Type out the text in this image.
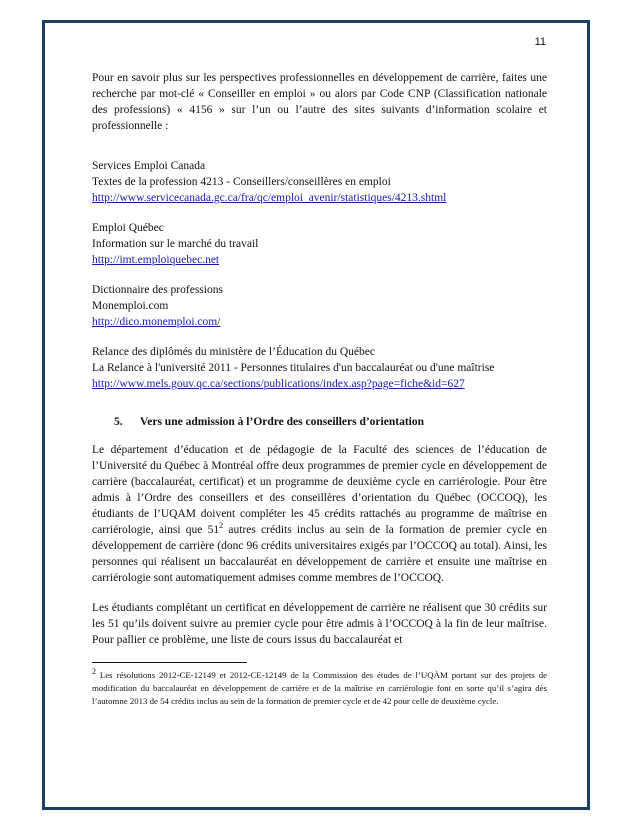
11

Pour en savoir plus sur les perspectives professionnelles en développement de carrière, faites une recherche par mot-clé « Conseiller en emploi » ou alors par Code CNP (Classification nationale des professions) « 4156 » sur l’un ou l’autre des sites suivants d’information scolaire et professionnelle :

Services Emploi Canada
Textes de la profession 4213 - Conseillers/conseillères en emploi
http://www.servicecanada.gc.ca/fra/qc/emploi_avenir/statistiques/4213.shtml
Emploi Québec
Information sur le marché du travail
http://imt.emploiquebec.net
Dictionnaire des professions
Monemploi.com
http://dico.monemploi.com/
Relance des diplômés du ministère de l’Éducation du Québec
La Relance à l'université 2011 - Personnes titulaires d'un baccalauréat ou d'une maîtrise
http://www.mels.gouv.qc.ca/sections/publications/index.asp?page=fiche&id=627
5. Vers une admission à l’Ordre des conseillers d’orientation

Le département d’éducation et de pédagogie de la Faculté des sciences de l’éducation de l’Université du Québec à Montréal offre deux programmes de premier cycle en développement de carrière (baccalauréat, certificat) et un programme de deuxième cycle en carriérologie. Pour être admis à l’Ordre des conseillers et des conseillères d’orientation du Québec (OCCOQ), les étudiants de l’UQAM doivent compléter les 45 crédits rattachés au programme de maîtrise en carriérologie, ainsi que $51^2$ autres crédits inclus au sein de la formation de premier cycle en développement de carrière (donc 96 crédits universitaires exigés par l’OCCOQ au total). Ainsi, les personnes qui réalisent un baccalauréat en développement de carrière et ensuite une maîtrise en carriérologie sont automatiquement admises comme membres de l’OCCOQ.

Les étudiants complétant un certificat en développement de carrière ne réalisent que 30 crédits sur les 51 qu’ils doivent suivre au premier cycle pour être admis à l’OCCOQ à la fin de leur maîtrise. Pour pallier ce problème, une liste de cours issus du baccalauréat et

$^2$ Les résolutions 2012-CE-12149 et 2012-CE-12149 de la Commission des études de l’UQÀM portant sur des projets de modification du baccalauréat en développement de carrière et de la maîtrise en carriérologie font en sorte qu’il s’agira dès l’automne 2013 de 54 crédits inclus au sein de la formation de premier cycle et de 42 pour celle de deuxième cycle.
